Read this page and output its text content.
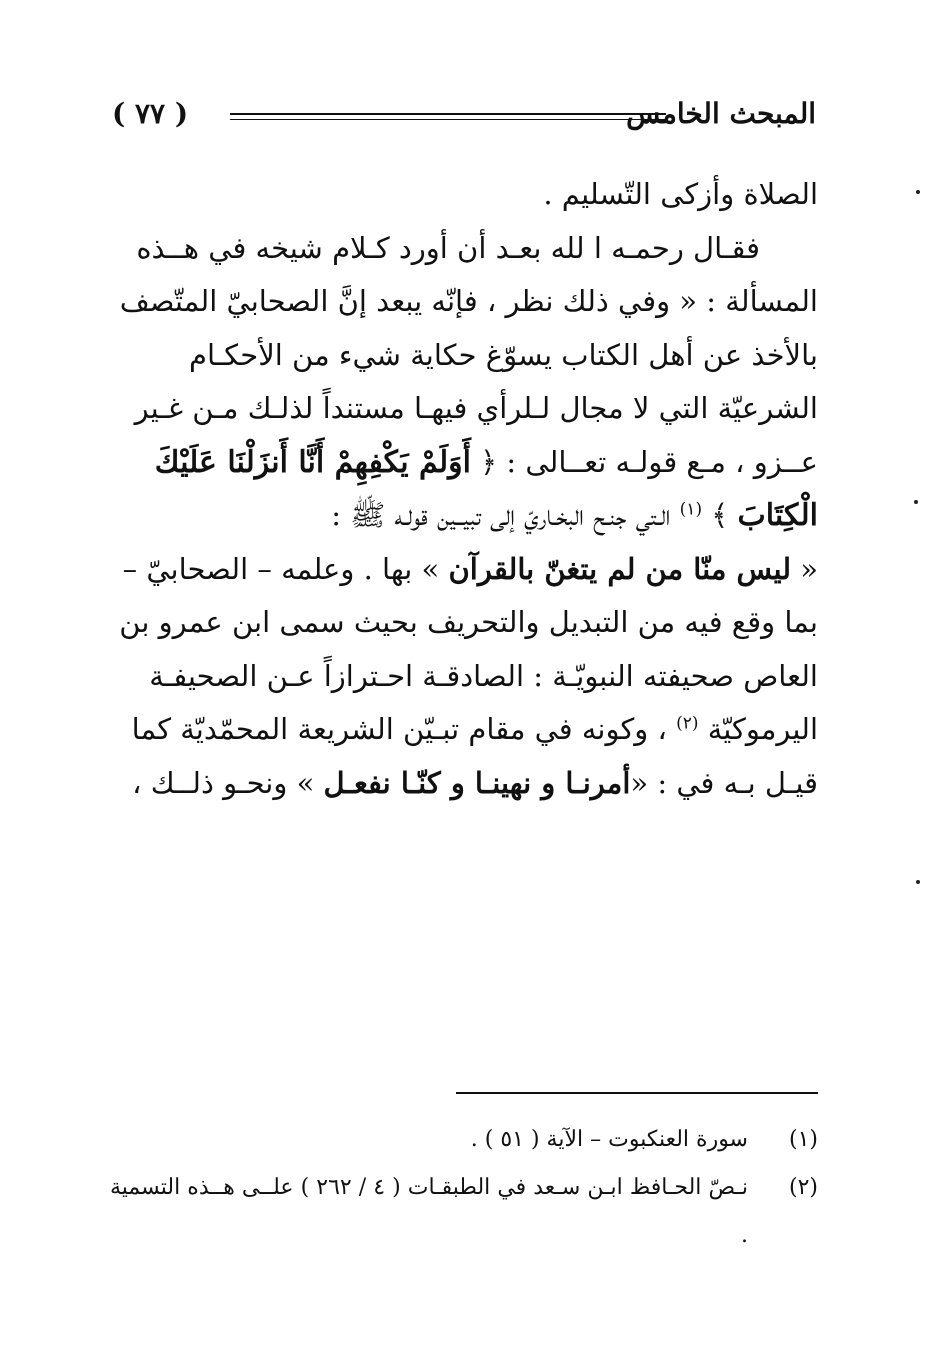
المبحث الخامس
( ٧٧ )
الصلاة وأزكى التّسليم .
فقـال رحمـه ا لله بعـد أن أورد كـلام شيخه في هــذه
المسألة : « وفي ذلك نظر ، فإنّه يبعد إنَّ الصحابيّ المتّصف
بالأخذ عن أهل الكتاب يسوّغ حكاية شيء من الأحكـام
الشرعيّة التي لا مجال لـلرأي فيهـا مستنداً لذلـك مـن غـير
عــزو ، مـع قولـه تعــالى : ﴿ أَوَلَمْ يَكْفِهِمْ أَنَّا أَنزَلْنَا عَلَيْكَ
الْكِتَابَ ﴾ $^{(١)}$ الـتي جنـح البخـاريّ إلى تبيــين قولـه ﷺ :
« ليس منّا من لم يتغنّ بالقرآن » بها . وعلمه – الصحابيّ –
بما وقع فيه من التبديل والتحريف بحيث سمى ابن عمرو بن
العاص صحيفته النبويّـة : الصادقـة احـترازاً عـن الصحيفـة
اليرموكيّة $^{(٢)}$ ، وكونه في مقام تبـيّن الشريعة المحمّديّة كما
قيـل بـه في : «أمرنـا و نهينـا و كنّـا نفعـل » ونحـو ذلــك ،
(١)
سورة العنكبوت – الآية ( ٥١ ) .
(٢)
نـصّ الحـافظ ابـن سـعد في الطبقـات ( ٤ / ٢٦٢ ) علــى هــذه التسمية .
